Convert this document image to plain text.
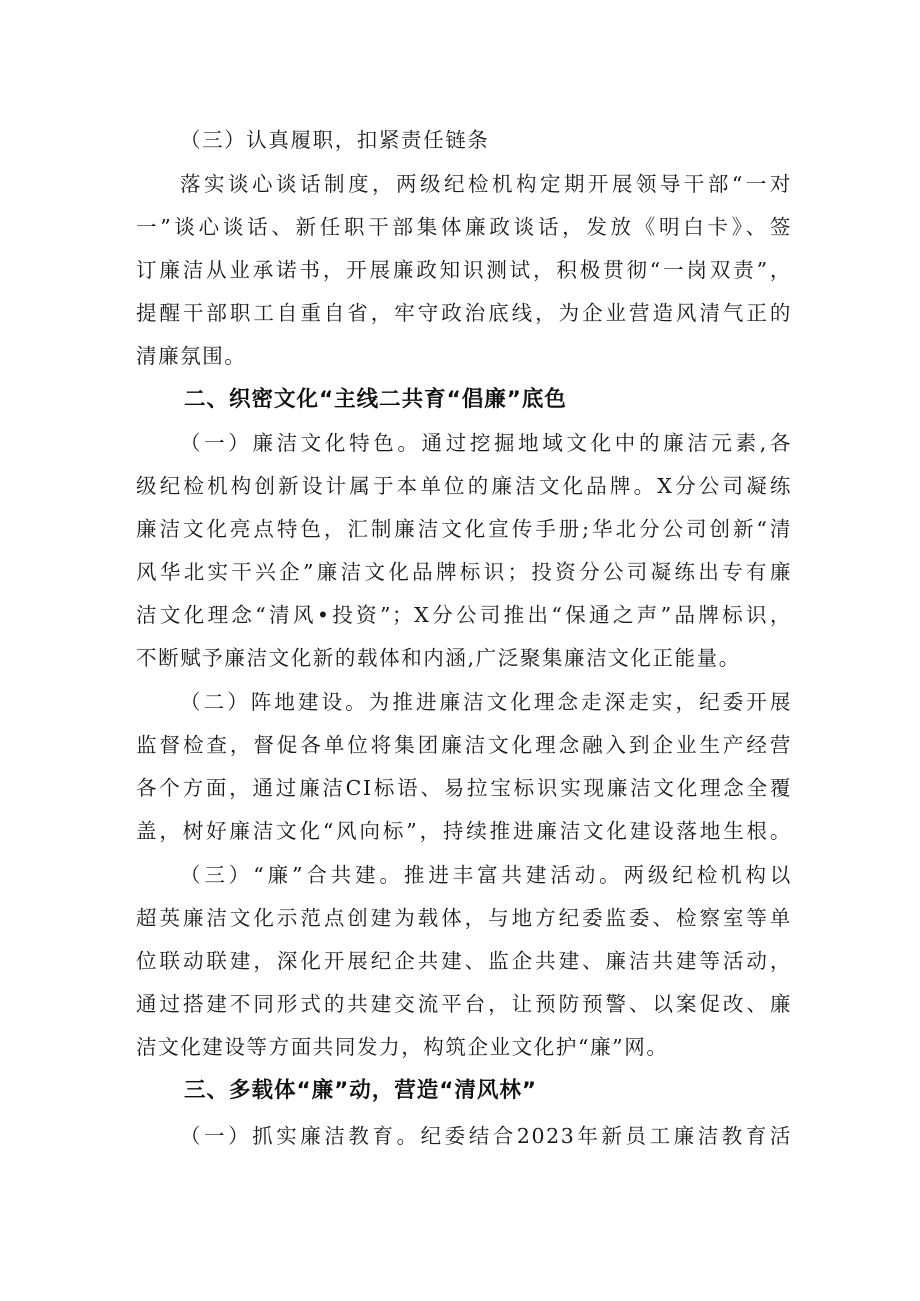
（三）认真履职，扣紧责任链条
落实谈心谈话制度，两级纪检机构定期开展领导干部“一对
一”谈心谈话、新任职干部集体廉政谈话，发放《明白卡》、签
订廉洁从业承诺书，开展廉政知识测试，积极贯彻“一岗双责”，
提醒干部职工自重自省，牢守政治底线，为企业营造风清气正的
清廉氛围。
二、织密文化“主线二共育“倡廉”底色
（一）廉洁文化特色。通过挖掘地域文化中的廉洁元素,各
级纪检机构创新设计属于本单位的廉洁文化品牌。X分公司凝练
廉洁文化亮点特色，汇制廉洁文化宣传手册;华北分公司创新“清
风华北实干兴企”廉洁文化品牌标识；投资分公司凝练出专有廉
洁文化理念“清风•投资”；X分公司推出“保通之声”品牌标识，
不断赋予廉洁文化新的载体和内涵,广泛聚集廉洁文化正能量。
（二）阵地建设。为推进廉洁文化理念走深走实，纪委开展
监督检查，督促各单位将集团廉洁文化理念融入到企业生产经营
各个方面，通过廉洁CI标语、易拉宝标识实现廉洁文化理念全覆
盖，树好廉洁文化“风向标”，持续推进廉洁文化建设落地生根。
（三）“廉”合共建。推进丰富共建活动。两级纪检机构以
超英廉洁文化示范点创建为载体，与地方纪委监委、检察室等单
位联动联建，深化开展纪企共建、监企共建、廉洁共建等活动，
通过搭建不同形式的共建交流平台，让预防预警、以案促改、廉
洁文化建设等方面共同发力，构筑企业文化护“廉”网。
三、多载体“廉”动，营造“清风林”
（一）抓实廉洁教育。纪委结合2023年新员工廉洁教育活
